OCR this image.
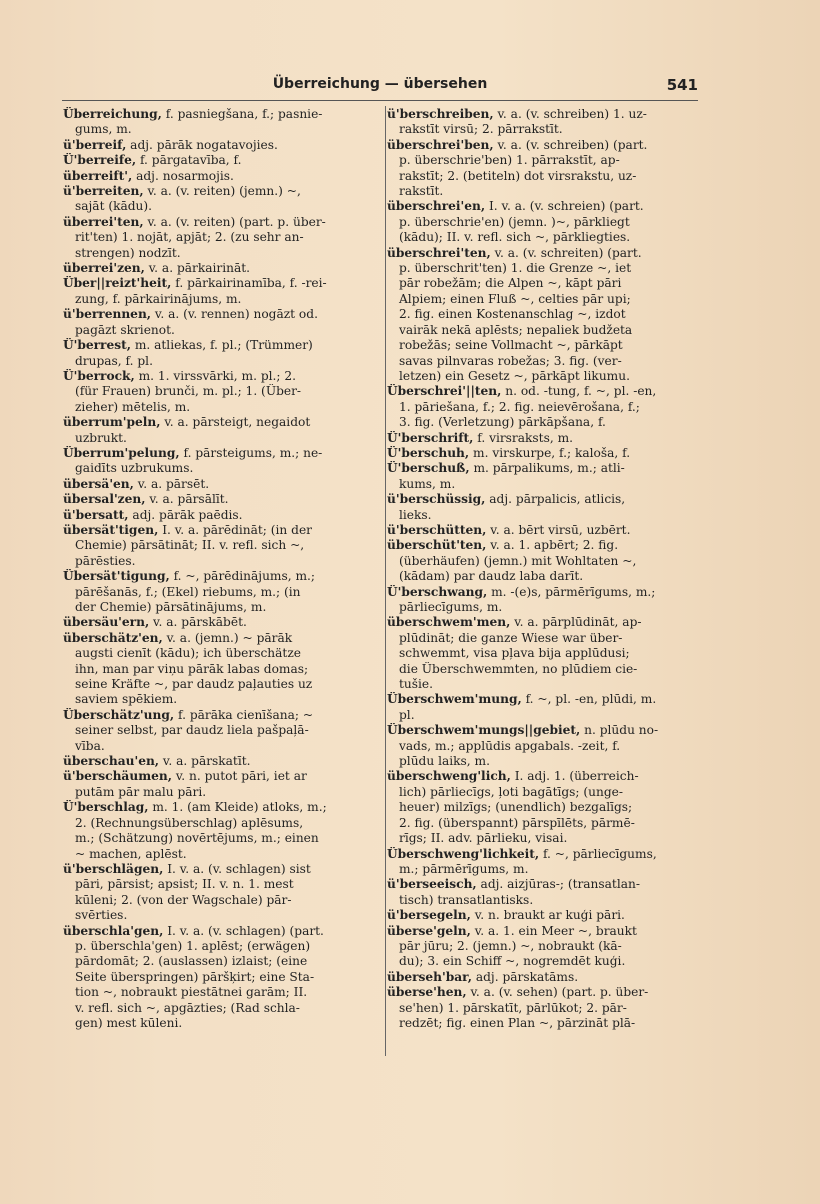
Überreichung — übersehen	541
Überreichung, f. pasniegšana, f.; pasnie-
gums, m.
ü'berreif, adj. pārāk nogatavojies.
Ü'berreife, f. pārgatavība, f.
überreift', adj. nosarmojis.
ü'berreiten, v. a. (v. reiten) (jemn.) ~,
sajāt (kādu).
überrei'ten, v. a. (v. reiten) (part. p. über-
rit'ten) 1. nojāt, apjāt; 2. (zu sehr an-
strengen) nodzīt.
überrei'zen, v. a. pārkairināt.
Über||reizt'heit, f. pārkairinamība, f. -rei-
zung, f. pārkairinājums, m.
ü'berrennen, v. a. (v. rennen) nogāzt od.
pagāzt skrienot.
Ü'berrest, m. atliekas, f. pl.; (Trümmer)
drupas, f. pl.
Ü'berrock, m. 1. virssvārki, m. pl.; 2.
(für Frauen) brunči, m. pl.; 1. (Über-
zieher) mētelis, m.
überrum'peln, v. a. pārsteigt, negaidot
uzbrukt.
Überrum'pelung, f. pārsteigums, m.; ne-
gaidīts uzbrukums.
übersä'en, v. a. pārsēt.
übersal'zen, v. a. pārsālīt.
ü'bersatt, adj. pārāk paēdis.
übersät'tigen, I. v. a. pārēdināt; (in der
Chemie) pārsātināt; II. v. refl. sich ~,
pārēsties.
Übersät'tigung, f. ~, pārēdinājums, m.;
pārēšanās, f.; (Ekel) riebums, m.; (in
der Chemie) pārsātinājums, m.
übersäu'ern, v. a. pārskābēt.
überschätz'en, v. a. (jemn.) ~ pārāk
augsti cienīt (kādu); ich überschätze
ihn, man par viņu pārāk labas domas;
seine Kräfte ~, par daudz paļauties uz
saviem spēkiem.
Überschätz'ung, f. pārāka cienīšana; ~
seiner selbst, par daudz liela pašpaļā-
vība.
überschau'en, v. a. pārskatīt.
ü'berschäumen, v. n. putot pāri, iet ar
putām pār malu pāri.
Ü'berschlag, m. 1. (am Kleide) atloks, m.;
2. (Rechnungsüberschlag) aplēsums,
m.; (Schätzung) novērtējums, m.; einen
~ machen, aplēst.
ü'berschlägen, I. v. a. (v. schlagen) sist
pāri, pārsist; apsist; II. v. n. 1. mest
kūleni; 2. (von der Wagschale) pār-
svērties.
überschla'gen, I. v. a. (v. schlagen) (part.
p. überschla'gen) 1. aplēst; (erwägen)
pārdomāt; 2. (auslassen) izlaist; (eine
Seite überspringen) pāršķirt; eine Sta-
tion ~, nobraukt piestātnei garām; II.
v. refl. sich ~, apgāzties; (Rad schla-
gen) mest kūleni.
ü'berschreiben, v. a. (v. schreiben) 1. uz-
rakstīt virsū; 2. pārrakstīt.
überschrei'ben, v. a. (v. schreiben) (part.
p. überschrie'ben) 1. pārrakstīt, ap-
rakstīt; 2. (betiteln) dot virsrakstu, uz-
rakstīt.
überschrei'en, I. v. a. (v. schreien) (part.
p. überschrie'en) (jemn. )~, pārkliegt
(kādu); II. v. refl. sich ~, pārkliegties.
überschrei'ten, v. a. (v. schreiten) (part.
p. überschrit'ten) 1. die Grenze ~, iet
pār robežām; die Alpen ~, kāpt pāri
Alpiem; einen Fluß ~, celties pār upi;
2. fig. einen Kostenanschlag ~, izdot
vairāk nekā aplēsts; nepaliek budžeta
robežās; seine Vollmacht ~, pārkāpt
savas pilnvaras robežas; 3. fig. (ver-
letzen) ein Gesetz ~, pārkāpt likumu.
Überschrei'||ten, n. od. -tung, f. ~, pl. -en,
1. pāriešana, f.; 2. fig. neievērošana, f.;
3. fig. (Verletzung) pārkāpšana, f.
Ü'berschrift, f. virsraksts, m.
Ü'berschuh, m. virskurpe, f.; kaloša, f.
Ü'berschuß, m. pārpalikums, m.; atli-
kums, m.
ü'berschüssig, adj. pārpalicis, atlicis,
lieks.
ü'berschütten, v. a. bērt virsū, uzbērt.
überschüt'ten, v. a. 1. apbērt; 2. fig.
(überhäufen) (jemn.) mit Wohltaten ~,
(kādam) par daudz laba darīt.
Ü'berschwang, m. -(e)s, pārmērīgums, m.;
pārliecīgums, m.
überschwem'men, v. a. pārplūdināt, ap-
plūdināt; die ganze Wiese war über-
schwemmt, visa pļava bija applūdusi;
die Überschwemmten, no plūdiem cie-
tušie.
Überschwem'mung, f. ~, pl. -en, plūdi, m.
pl.
Überschwem'mungs||gebiet, n. plūdu no-
vads, m.; applūdis apgabals. -zeit, f.
plūdu laiks, m.
überschweng'lich, I. adj. 1. (überreich-
lich) pārliecīgs, ļoti bagātīgs; (unge-
heuer) milzīgs; (unendlich) bezgalīgs;
2. fig. (überspannt) pārspīlēts, pārmē-
rīgs; II. adv. pārlieku, visai.
Überschweng'lichkeit, f. ~, pārliecīgums,
m.; pārmērīgums, m.
ü'berseeisch, adj. aizjūras-; (transatlan-
tisch) transatlantisks.
ü'bersegeln, v. n. braukt ar kuģi pāri.
überse'geln, v. a. 1. ein Meer ~, braukt
pār jūru; 2. (jemn.) ~, nobraukt (kā-
du); 3. ein Schiff ~, nogremdēt kuģi.
überseh'bar, adj. pārskatāms.
überse'hen, v. a. (v. sehen) (part. p. über-
se'hen) 1. pārskatīt, pārlūkot; 2. pār-
redzēt; fig. einen Plan ~, pārzināt plā-
